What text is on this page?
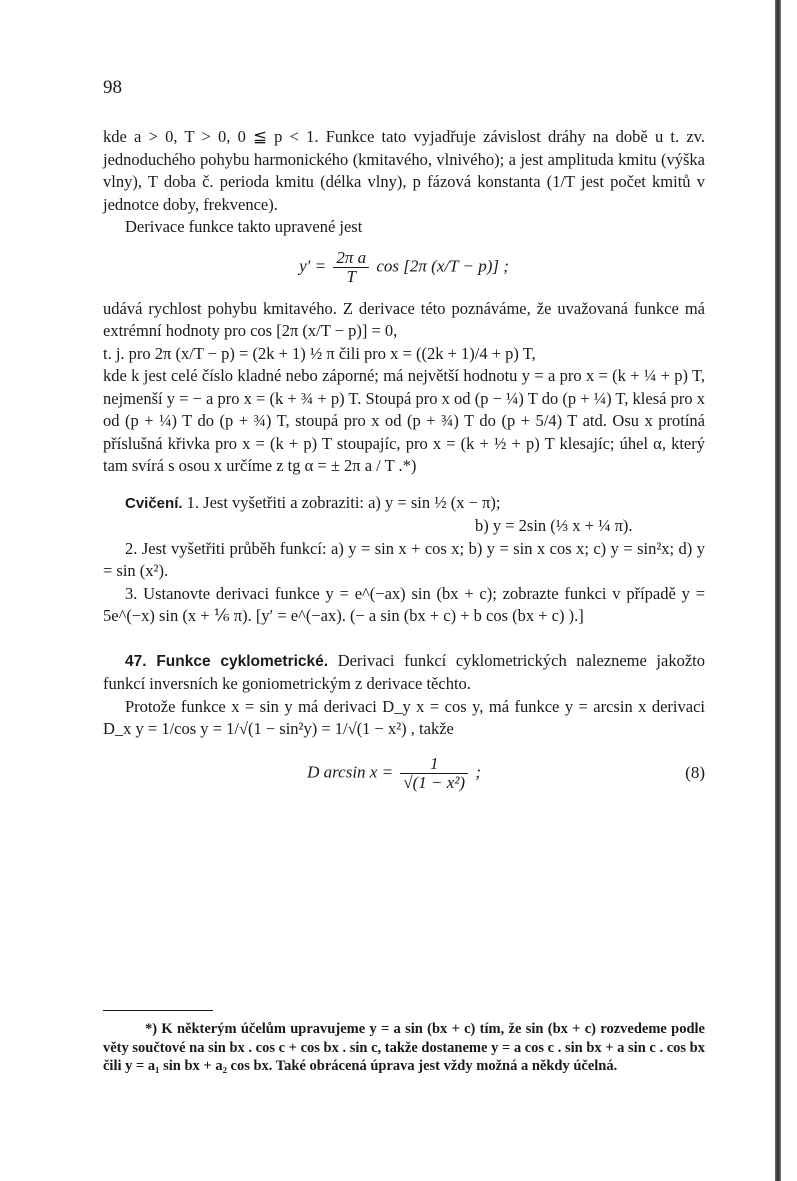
98

kde a > 0, T > 0, 0 ≦ p < 1. Funkce tato vyjadřuje závislost dráhy na době u t. zv. jednoduchého pohybu harmonického (kmitavého, vlnivého); a jest amplituda kmitu (výška vlny), T doba č. perioda kmitu (délka vlny), p fázová konstanta (1/T jest počet kmitů v jednotce doby, frekvence).

Derivace funkce takto upravené jest

$y' = \frac{\text{2π a}}{T}$ cos [2π (x/T − p)] ;

udává rychlost pohybu kmitavého. Z derivace této poznáváme, že uvažovaná funkce má extrémní hodnoty pro cos [2π (x/T − p)] = 0,

t. j. pro 2π (x/T − p) = (2k + 1) ½ π čili pro x = ((2k + 1)/4 + p) T,

kde k jest celé číslo kladné nebo záporné; má největší hodnotu y = a pro x = (k + ¼ + p) T, nejmenší y = − a pro x = (k + ¾ + p) T. Stoupá pro x od (p − ¼) T do (p + ¼) T, klesá pro x od (p + ¼) T do (p + ¾) T, stoupá pro x od (p + ¾) T do (p + 5/4) T atd. Osu x protíná příslušná křivka pro x = (k + p) T stoupajíc, pro x = (k + ½ + p) T klesajíc; úhel α, který tam svírá s osou x určíme z tg α = ± 2π a / T .*)

Cvičení. 1. Jest vyšetřiti a zobraziti: a) y = sin ½ (x − π);

b) y = 2sin (⅓ x + ¼ π).

2. Jest vyšetřiti průběh funkcí: a) y = sin x + cos x; b) y = sin x cos x; c) y = sin²x; d) y = sin (x²).

3. Ustanovte derivaci funkce y = e^(−ax) sin (bx + c); zobrazte funkci v případě y = 5e^(−x) sin (x + ⅙ π). [y′ = e^(−ax). (− a sin (bx + c) + b cos (bx + c) ).]

47. Funkce cyklometrické. Derivaci funkcí cyklometrických nalezneme jakožto funkcí inversních ke goniometrickým z derivace těchto.

Protože funkce x = sin y má derivaci D_y x = cos y, má funkce y = arcsin x derivaci D_x y = 1/cos y = 1/√(1 − sin²y) = 1/√(1 − x²) , takže

D $\arcsin x = \frac{1}{\text{√(1 − x²)}}$ ;	(8)

*) K některým účelům upravujeme y = a sin (bx + c) tím, že sin (bx + c) rozvedeme podle věty součtové na sin bx . cos c + cos bx . sin c, takže dostaneme y = a cos c . sin bx + a sin c . cos bx čili y = a₁ sin bx + a₂ cos bx. Také obrácená úprava jest vždy možná a někdy účelná.
